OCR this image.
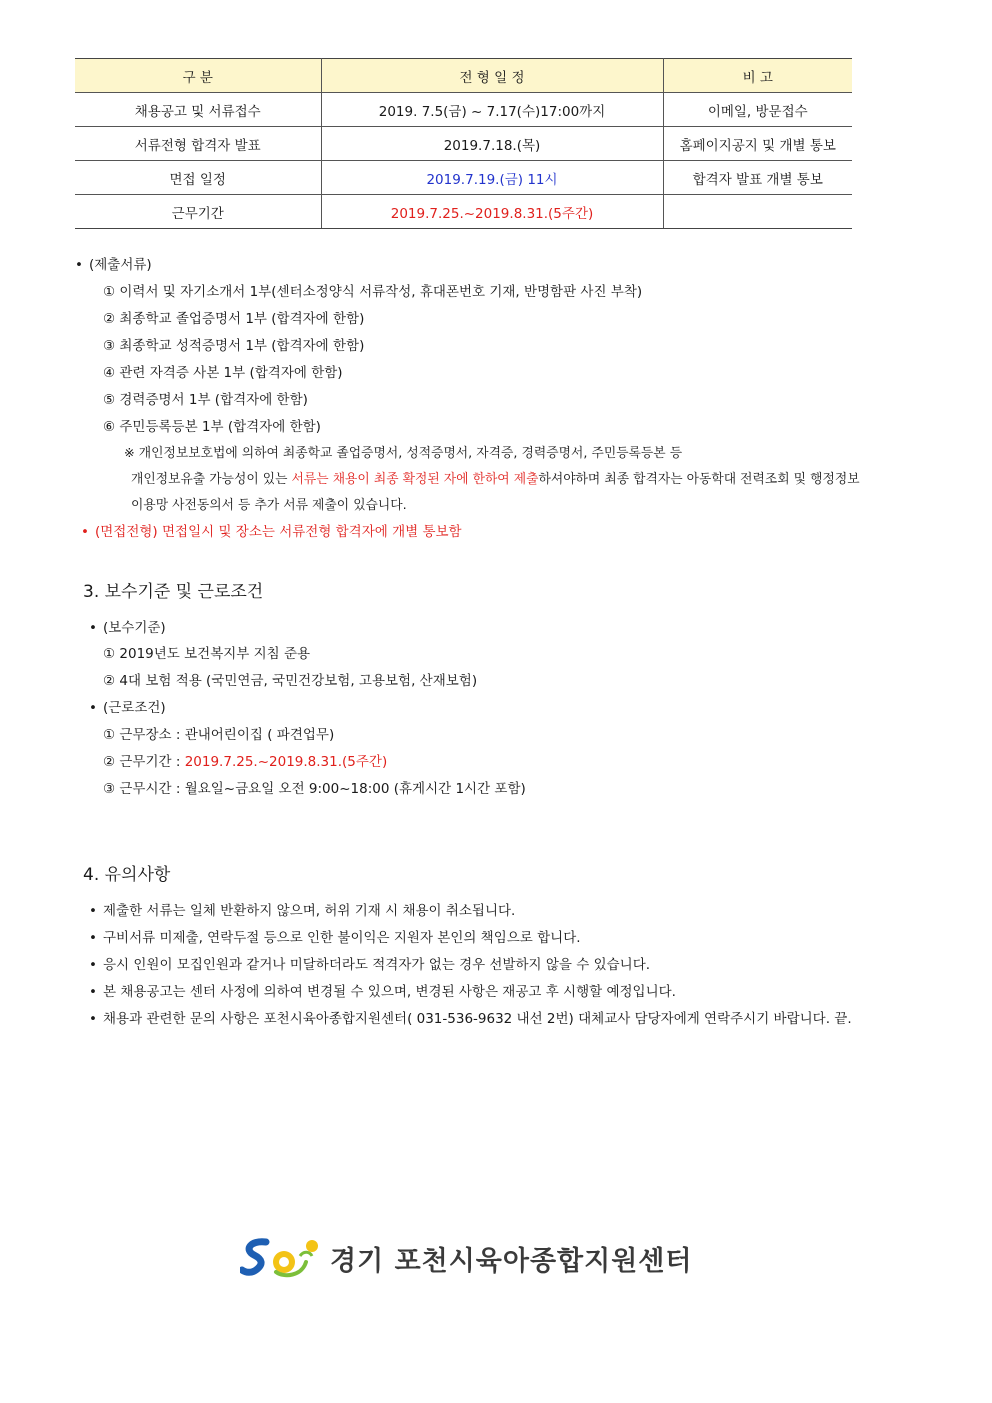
구 분	전 형 일 정	비 고
채용공고 및 서류접수	2019. 7.5(금) ~ 7.17(수)17:00까지	이메일, 방문접수
서류전형 합격자 발표	2019.7.18.(목)	홈페이지공지 및 개별 통보
면접 일정	2019.7.19.(금) 11시	합격자 발표 개별 통보
근무기간	2019.7.25.~2019.8.31.(5주간)	
• (제출서류)
① 이력서 및 자기소개서 1부(센터소정양식 서류작성, 휴대폰번호 기재, 반명함판 사진 부착)
② 최종학교 졸업증명서 1부 (합격자에 한함)
③ 최종학교 성적증명서 1부 (합격자에 한함)
④ 관련 자격증 사본 1부 (합격자에 한함)
⑤ 경력증명서 1부 (합격자에 한함)
⑥ 주민등록등본 1부 (합격자에 한함)
※ 개인정보보호법에 의하여 최종학교 졸업증명서, 성적증명서, 자격증, 경력증명서, 주민등록등본 등
개인정보유출 가능성이 있는 서류는 채용이 최종 확정된 자에 한하여 제출하셔야하며 최종 합격자는 아동학대 전력조회 및 행정정보
이용망 사전동의서 등 추가 서류 제출이 있습니다.
• (면접전형) 면접일시 및 장소는 서류전형 합격자에 개별 통보함
3. 보수기준 및 근로조건
• (보수기준)
① 2019년도 보건복지부 지침 준용
② 4대 보험 적용 (국민연금, 국민건강보험, 고용보험, 산재보험)
• (근로조건)
① 근무장소 : 관내어린이집 ( 파견업무)
② 근무기간 : 2019.7.25.~2019.8.31.(5주간)
③ 근무시간 : 월요일~금요일 오전 9:00~18:00 (휴게시간 1시간 포함)
4. 유의사항
• 제출한 서류는 일체 반환하지 않으며, 허위 기재 시 채용이 취소됩니다.
• 구비서류 미제출, 연락두절 등으로 인한 불이익은 지원자 본인의 책임으로 합니다.
• 응시 인원이 모집인원과 같거나 미달하더라도 적격자가 없는 경우 선발하지 않을 수 있습니다.
• 본 채용공고는 센터 사정에 의하여 변경될 수 있으며, 변경된 사항은 재공고 후 시행할 예정입니다.
• 채용과 관련한 문의 사항은 포천시육아종합지원센터( 031-536-9632 내선 2번) 대체교사 담당자에게 연락주시기 바랍니다. 끝.
경기 포천시육아종합지원센터
